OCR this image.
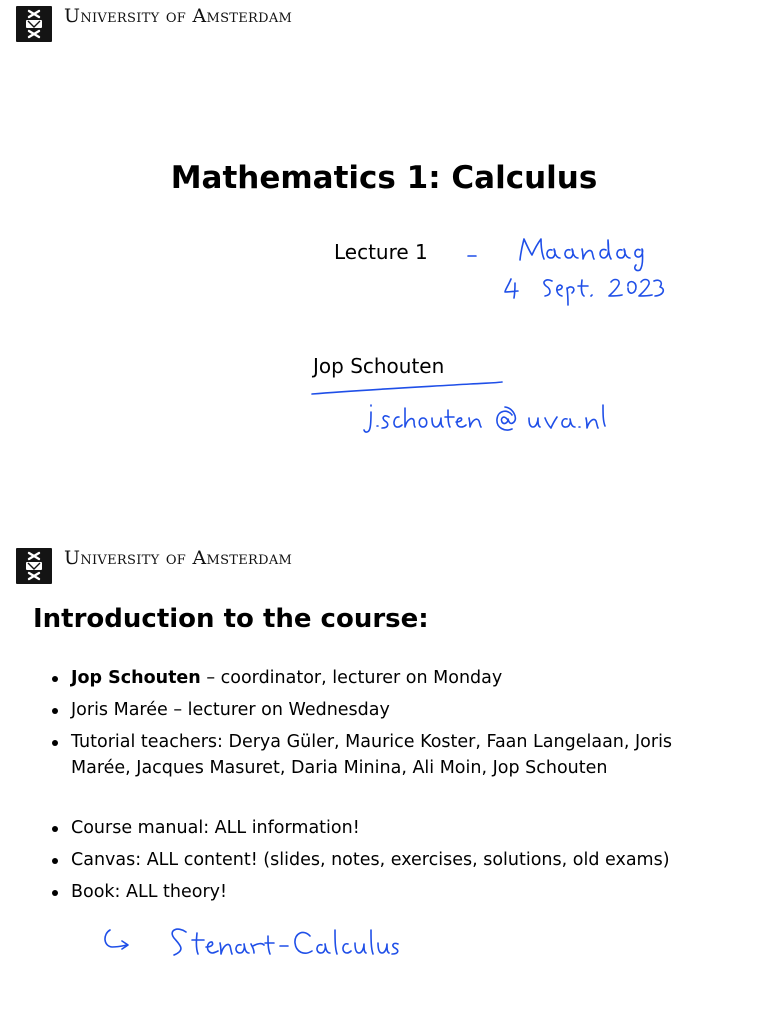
University of Amsterdam
Mathematics 1: Calculus
Lecture 1
Jop Schouten
University of Amsterdam
Introduction to the course:
Jop Schouten – coordinator, lecturer on Monday
Joris Marée – lecturer on Wednesday
Tutorial teachers: Derya Güler, Maurice Koster, Faan Langelaan, Joris Marée, Jacques Masuret, Daria Minina, Ali Moin, Jop Schouten
Course manual: ALL information!
Canvas: ALL content! (slides, notes, exercises, solutions, old exams)
Book: ALL theory!
